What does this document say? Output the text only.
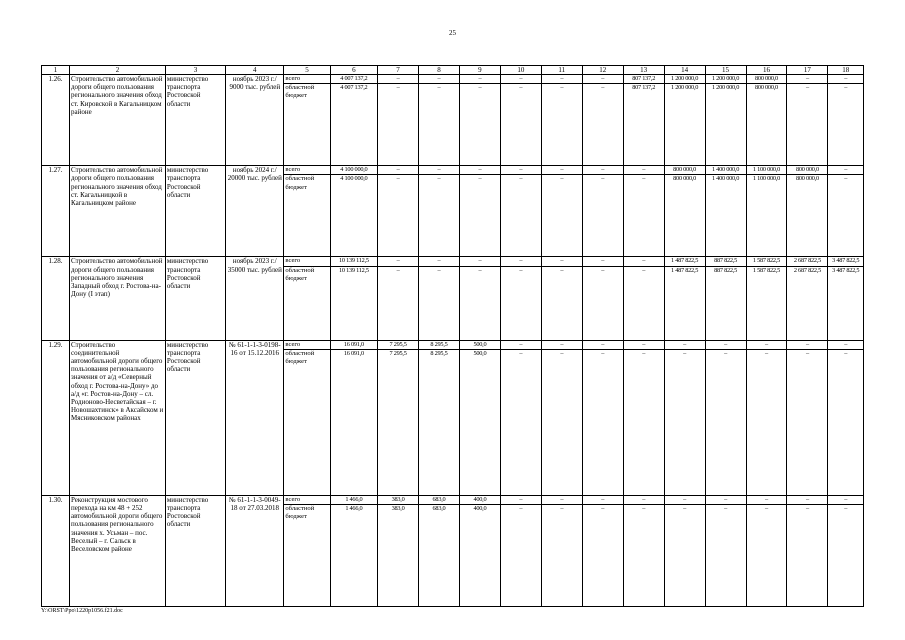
25
1	2	3	4	5	6	7	8	9	10	11	12	13	14	15	16	17	18
1.26.	Строительство автомобильной дороги общего пользования регионального значения обход ст. Кировской в Кагальницком районе	министерство транспорта Ростовской области	ноябрь 2023 г./ 9000 тыс. рублей	всего	4 007 137,2	–	–	–	–	–	–	807 137,2	1 200 000,0	1 200 000,0	800 000,0	–	–
				областной бюджет	4 007 137,2	–	–	–	–	–	–	807 137,2	1 200 000,0	1 200 000,0	800 000,0	–	–
1.27.	Строительство автомобильной дороги общего пользования регионального значения обход ст. Кагальницкой в Кагальницком районе	министерство транспорта Ростовской области	ноябрь 2024 г./ 20000 тыс. рублей	всего	4 100 000,0	–	–	–	–	–	–	–	800 000,0	1 400 000,0	1 100 000,0	800 000,0	–
				областной бюджет	4 100 000,0	–	–	–	–	–	–	–	800 000,0	1 400 000,0	1 100 000,0	800 000,0	–
1.28.	Строительство автомобильной дороги общего пользования регионального значения Западный обход г. Ростова-на-Дону (I этап)	министерство транспорта Ростовской области	ноябрь 2023 г./ 35000 тыс. рублей	всего	10 139 112,5	–	–	–	–	–	–	–	1 487 822,5	887 822,5	1 587 822,5	2 687 822,5	3 487 822,5
				областной бюджет	10 139 112,5	–	–	–	–	–	–	–	1 487 822,5	887 822,5	1 587 822,5	2 687 822,5	3 487 822,5
1.29.	Строительство соединительной автомобильной дороги общего пользования регионального значения от а/д «Северный обход г. Ростова-на-Дону» до а/д «г. Ростов-на-Дону – сл. Родионово-Несветайская – г. Новошахтинск» в Аксайском и Мясниковском районах	министерство транспорта Ростовской области	№ 61-1-1-3-0198-16 от 15.12.2016	всего	16 091,0	7 295,5	8 295,5	500,0	–	–	–	–	–	–	–	–	–
				областной бюджет	16 091,0	7 295,5	8 295,5	500,0	–	–	–	–	–	–	–	–	–
1.30.	Реконструкция мостового перехода на км 48 + 252 автомобильной дороги общего пользования регионального значения х. Усьман – пос. Веселый – г. Сальск в Веселовском районе	министерство транспорта Ростовской области	№ 61-1-1-3-0049-18 от 27.03.2018	всего	1 466,0	383,0	683,0	400,0	–	–	–	–	–	–	–	–	–
				областной бюджет	1 466,0	383,0	683,0	400,0	–	–	–	–	–	–	–	–	–
Y:\ORST\Ppo\1220p1056.f21.doc
